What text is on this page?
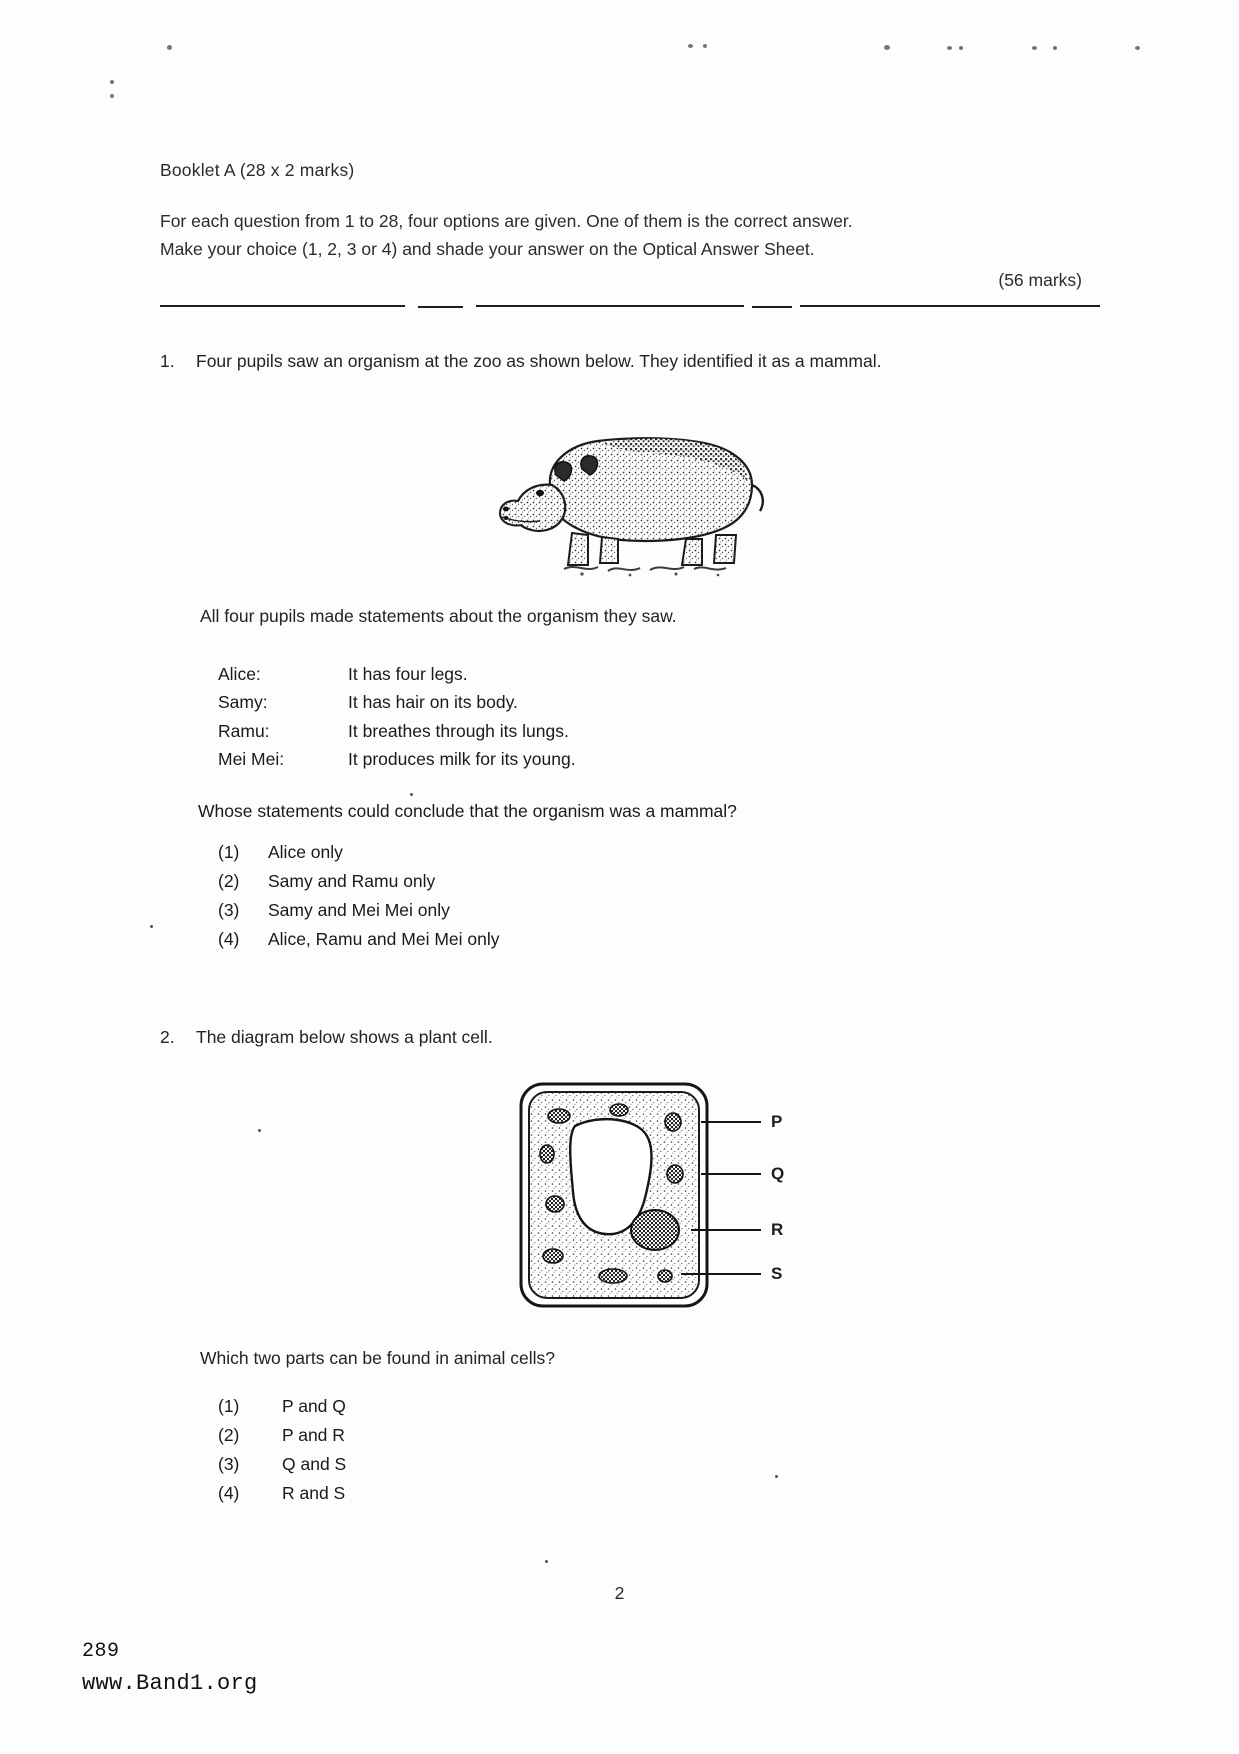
Booklet A (28 x 2 marks)
For each question from 1 to 28, four options are given. One of them is the correct answer.
Make your choice (1, 2, 3 or 4) and shade your answer on the Optical Answer Sheet.
(56 marks)
1.	Four pupils saw an organism at the zoo as shown below. They identified it as a mammal.
All four pupils made statements about the organism they saw.
Alice:	It has four legs.
Samy:	It has hair on its body.
Ramu:	It breathes through its lungs.
Mei Mei:	It produces milk for its young.
Whose statements could conclude that the organism was a mammal?
(1)	Alice only
(2)	Samy and Ramu only
(3)	Samy and Mei Mei only
(4)	Alice, Ramu and Mei Mei only
2.	The diagram below shows a plant cell.
P
Q
R
S
Which two parts can be found in animal cells?
(1)	P and Q
(2)	P and R
(3)	Q and S
(4)	R and S
2
289
www.Band1.org
